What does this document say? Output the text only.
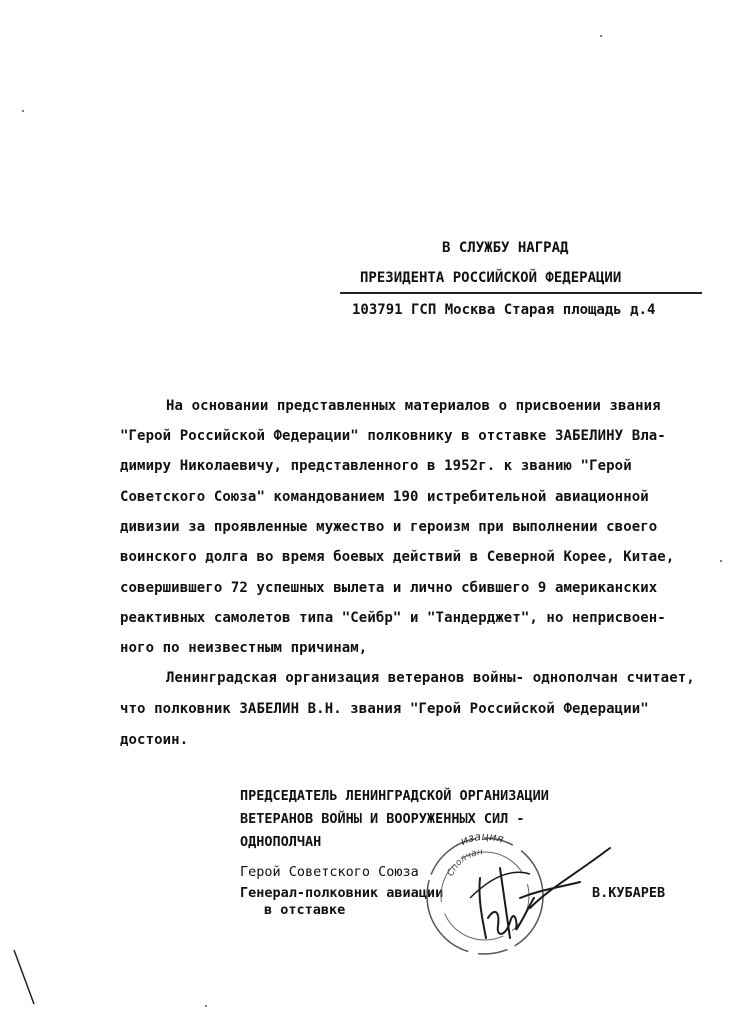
В СЛУЖБУ НАГРАД
ПРЕЗИДЕНТА РОССИЙСКОЙ ФЕДЕРАЦИИ
103791 ГСП Москва Старая площадь д.4
На основании представленных материалов о присвоении звания
"Герой Российской Федерации" полковнику в отставке ЗАБЕЛИНУ Вла-
димиру Николаевичу, представленного в 1952г. к званию "Герой
Советского Союза" командованием 190 истребительной авиационной
дивизии за проявленные мужество и героизм при выполнении своего
воинского долга во время боевых действий в Северной Корее, Китае,
совершившего 72 успешных вылета и лично сбившего 9 американских
реактивных самолетов типа "Сейбр" и "Тандерджет", но неприсвоен-
ного по неизвестным причинам,
Ленинградская организация ветеранов войны- однополчан считает,
что полковник ЗАБЕЛИН В.Н. звания "Герой Российской Федерации"
достоин.
ПРЕДСЕДАТЕЛЬ ЛЕНИНГРАДСКОЙ ОРГАНИЗАЦИИ
ВЕТЕРАНОВ ВОЙНЫ И ВООРУЖЕННЫХ СИЛ -
ОДНОПОЛЧАН
Герой Советского Союза
Генерал-полковник авиации
в отставке
В.КУБАРЕВ
изация
Сполчан
